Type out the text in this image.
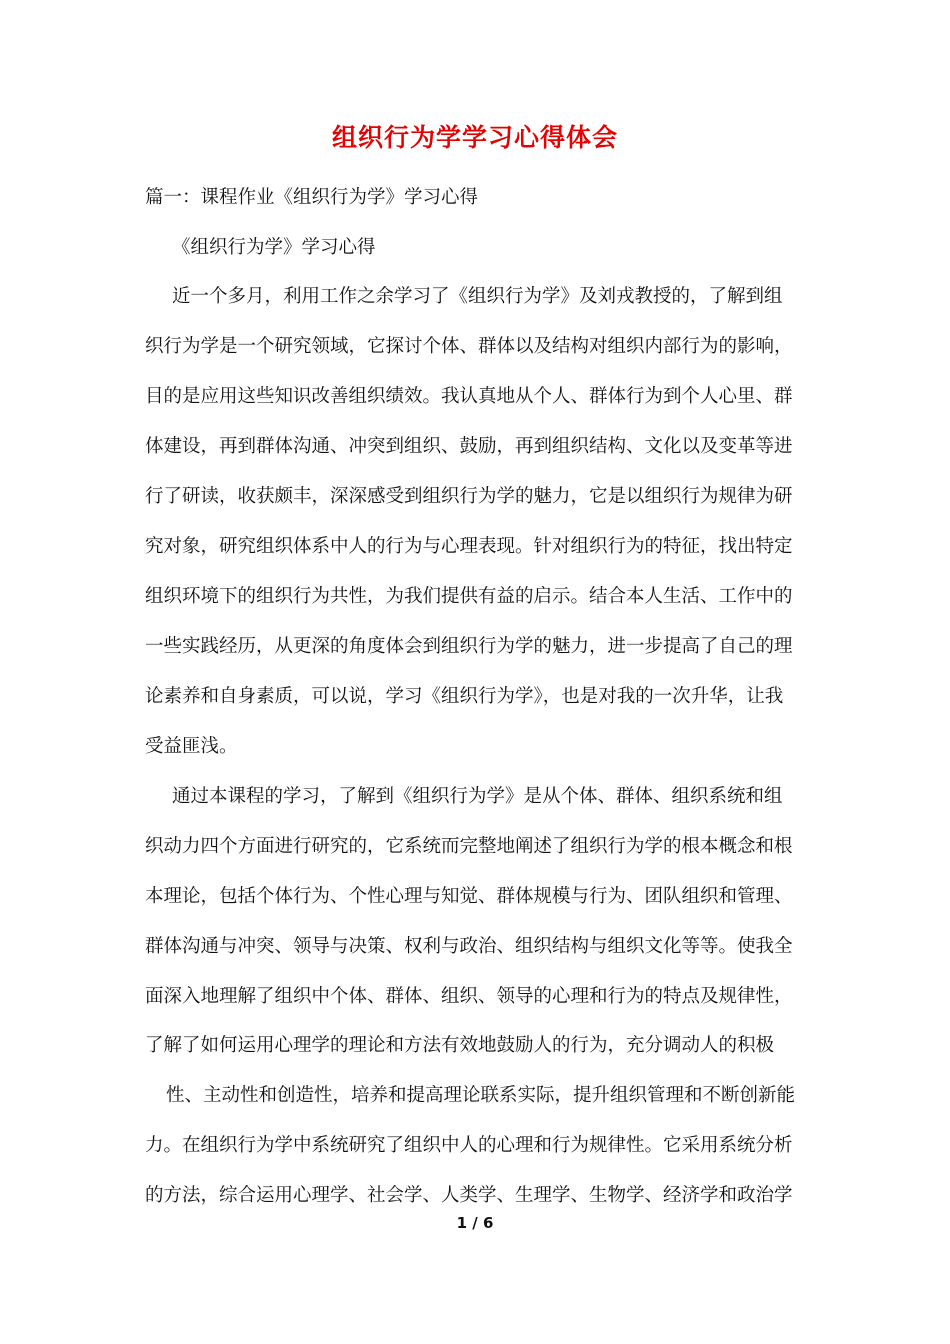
组织行为学学习心得体会
篇一：课程作业《组织行为学》学习心得
《组织行为学》学习心得
近一个多月，利用工作之余学习了《组织行为学》及刘戎教授的，了解到组
织行为学是一个研究领域，它探讨个体、群体以及结构对组织内部行为的影响，
目的是应用这些知识改善组织绩效。我认真地从个人、群体行为到个人心里、群
体建设，再到群体沟通、冲突到组织、鼓励，再到组织结构、文化以及变革等进
行了研读，收获颇丰，深深感受到组织行为学的魅力，它是以组织行为规律为研
究对象，研究组织体系中人的行为与心理表现。针对组织行为的特征，找出特定
组织环境下的组织行为共性，为我们提供有益的启示。结合本人生活、工作中的
一些实践经历，从更深的角度体会到组织行为学的魅力，进一步提高了自己的理
论素养和自身素质，可以说，学习《组织行为学》，也是对我的一次升华，让我
受益匪浅。
通过本课程的学习，了解到《组织行为学》是从个体、群体、组织系统和组
织动力四个方面进行研究的，它系统而完整地阐述了组织行为学的根本概念和根
本理论，包括个体行为、个性心理与知觉、群体规模与行为、团队组织和管理、
群体沟通与冲突、领导与决策、权利与政治、组织结构与组织文化等等。使我全
面深入地理解了组织中个体、群体、组织、领导的心理和行为的特点及规律性，
了解了如何运用心理学的理论和方法有效地鼓励人的行为，充分调动人的积极
性、主动性和创造性，培养和提高理论联系实际，提升组织管理和不断创新能
力。在组织行为学中系统研究了组织中人的心理和行为规律性。它采用系统分析
的方法，综合运用心理学、社会学、人类学、生理学、生物学、经济学和政治学
1 / 6
